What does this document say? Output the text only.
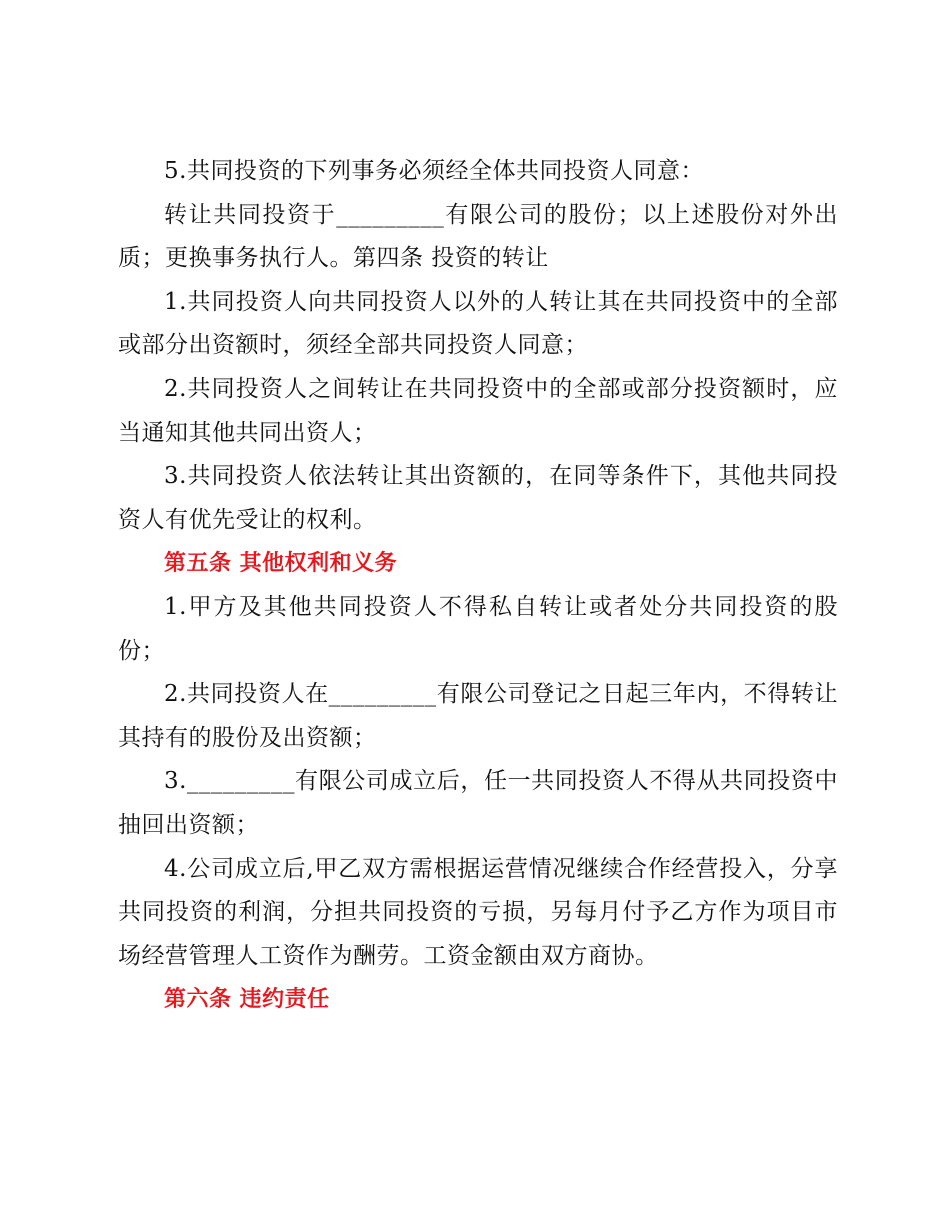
5.共同投资的下列事务必须经全体共同投资人同意：

转让共同投资于_________有限公司的股份；以上述股份对外出质；更换事务执行人。第四条 投资的转让

1.共同投资人向共同投资人以外的人转让其在共同投资中的全部或部分出资额时，须经全部共同投资人同意；

2.共同投资人之间转让在共同投资中的全部或部分投资额时，应当通知其他共同出资人；

3.共同投资人依法转让其出资额的，在同等条件下，其他共同投资人有优先受让的权利。

第五条 其他权利和义务

1.甲方及其他共同投资人不得私自转让或者处分共同投资的股份；

2.共同投资人在_________有限公司登记之日起三年内，不得转让其持有的股份及出资额；

3._________有限公司成立后，任一共同投资人不得从共同投资中抽回出资额；

4.公司成立后,甲乙双方需根据运营情况继续合作经营投入，分享共同投资的利润，分担共同投资的亏损，另每月付予乙方作为项目市场经营管理人工资作为酬劳。工资金额由双方商协。

第六条 违约责任
